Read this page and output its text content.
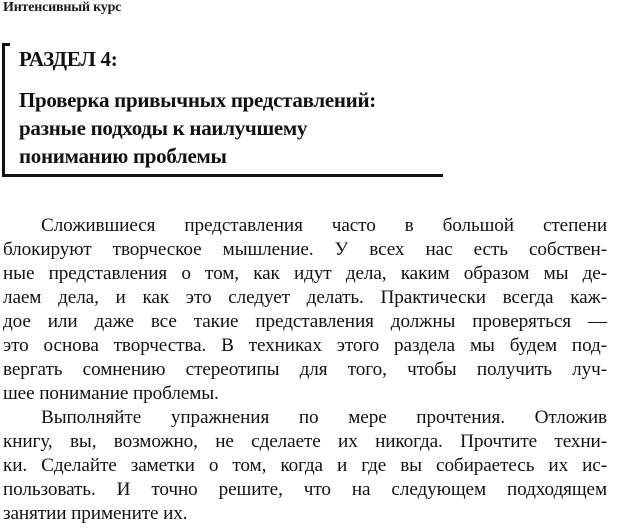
Интенсивный курс
РАЗДЕЛ 4:
Проверка привычных представлений:
разные подходы к наилучшему
пониманию проблемы
Сложившиеся представления часто в большой степени
блокируют творческое мышление. У всех нас есть собствен-
ные представления о том, как идут дела, каким образом мы де-
лаем дела, и как это следует делать. Практически всегда каж-
дое или даже все такие представления должны проверяться —
это основа творчества. В техниках этого раздела мы будем под-
вергать сомнению стереотипы для того, чтобы получить луч-
шее понимание проблемы.
Выполняйте упражнения по мере прочтения. Отложив
книгу, вы, возможно, не сделаете их никогда. Прочтите техни-
ки. Сделайте заметки о том, когда и где вы собираетесь их ис-
пользовать. И точно решите, что на следующем подходящем
занятии примените их.
